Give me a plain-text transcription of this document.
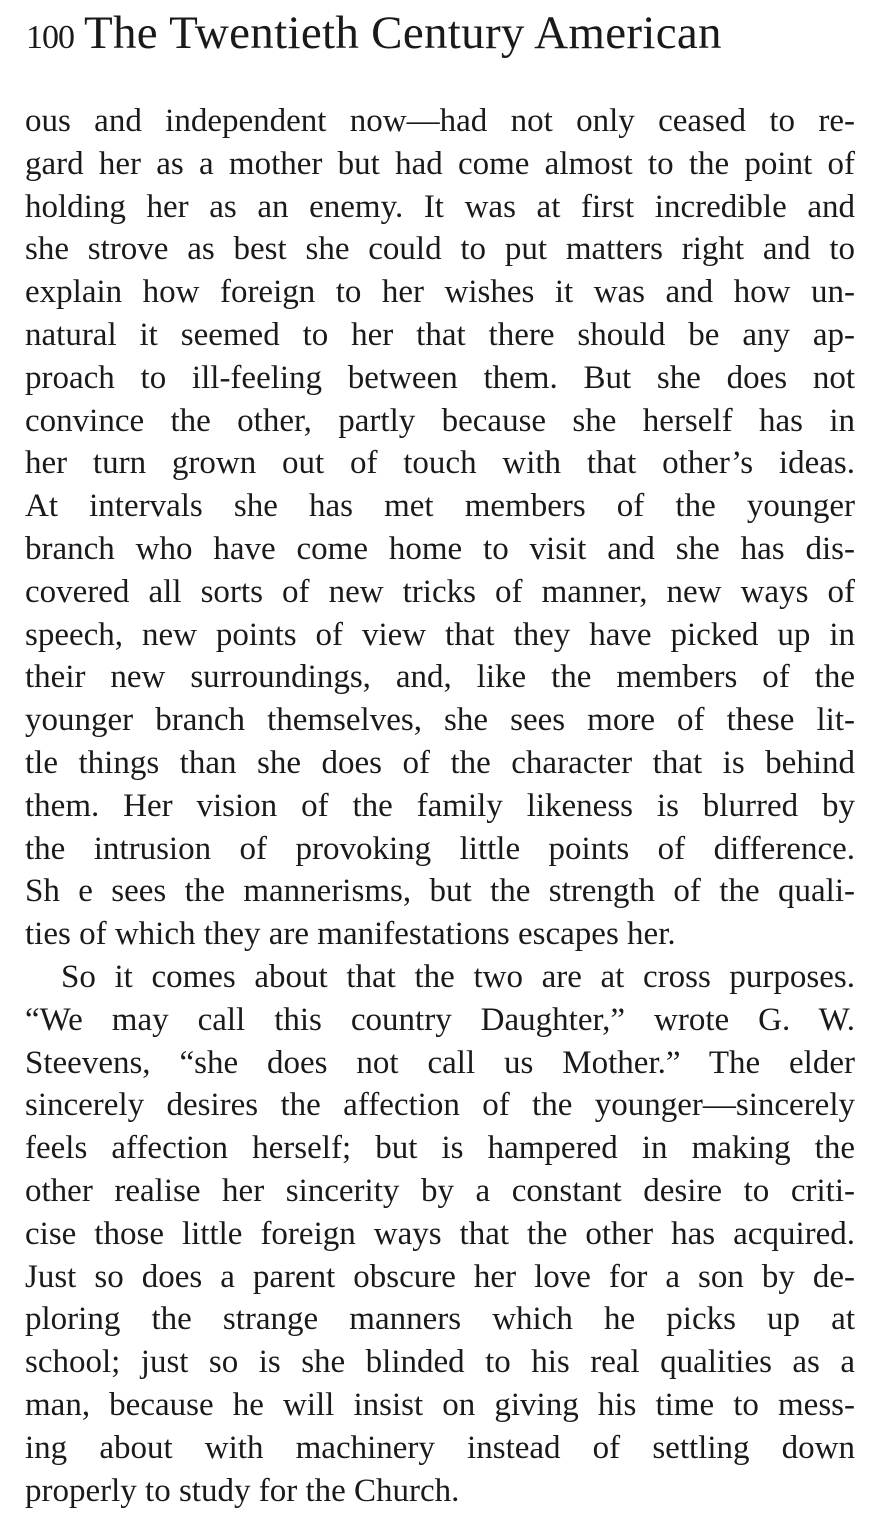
100 The Twentieth Century American
ous and independent now—had not only ceased to re-
gard her as a mother but had come almost to the point of
holding her as an enemy. It was at first incredible and
she strove as best she could to put matters right and to
explain how foreign to her wishes it was and how un-
natural it seemed to her that there should be any ap-
proach to ill-feeling between them. But she does not
convince the other, partly because she herself has in
her turn grown out of touch with that other’s ideas.
At intervals she has met members of the younger
branch who have come home to visit and she has dis-
covered all sorts of new tricks of manner, new ways of
speech, new points of view that they have picked up in
their new surroundings, and, like the members of the
younger branch themselves, she sees more of these lit-
tle things than she does of the character that is behind
them. Her vision of the family likeness is blurred by
the intrusion of provoking little points of difference.
Sh e sees the mannerisms, but the strength of the quali-
ties of which they are manifestations escapes her.
So it comes about that the two are at cross purposes.
“We may call this country Daughter,” wrote G. W.
Steevens, “she does not call us Mother.” The elder
sincerely desires the affection of the younger—sincerely
feels affection herself; but is hampered in making the
other realise her sincerity by a constant desire to criti-
cise those little foreign ways that the other has acquired.
Just so does a parent obscure her love for a son by de-
ploring the strange manners which he picks up at
school; just so is she blinded to his real qualities as a
man, because he will insist on giving his time to mess-
ing about with machinery instead of settling down
properly to study for the Church.
